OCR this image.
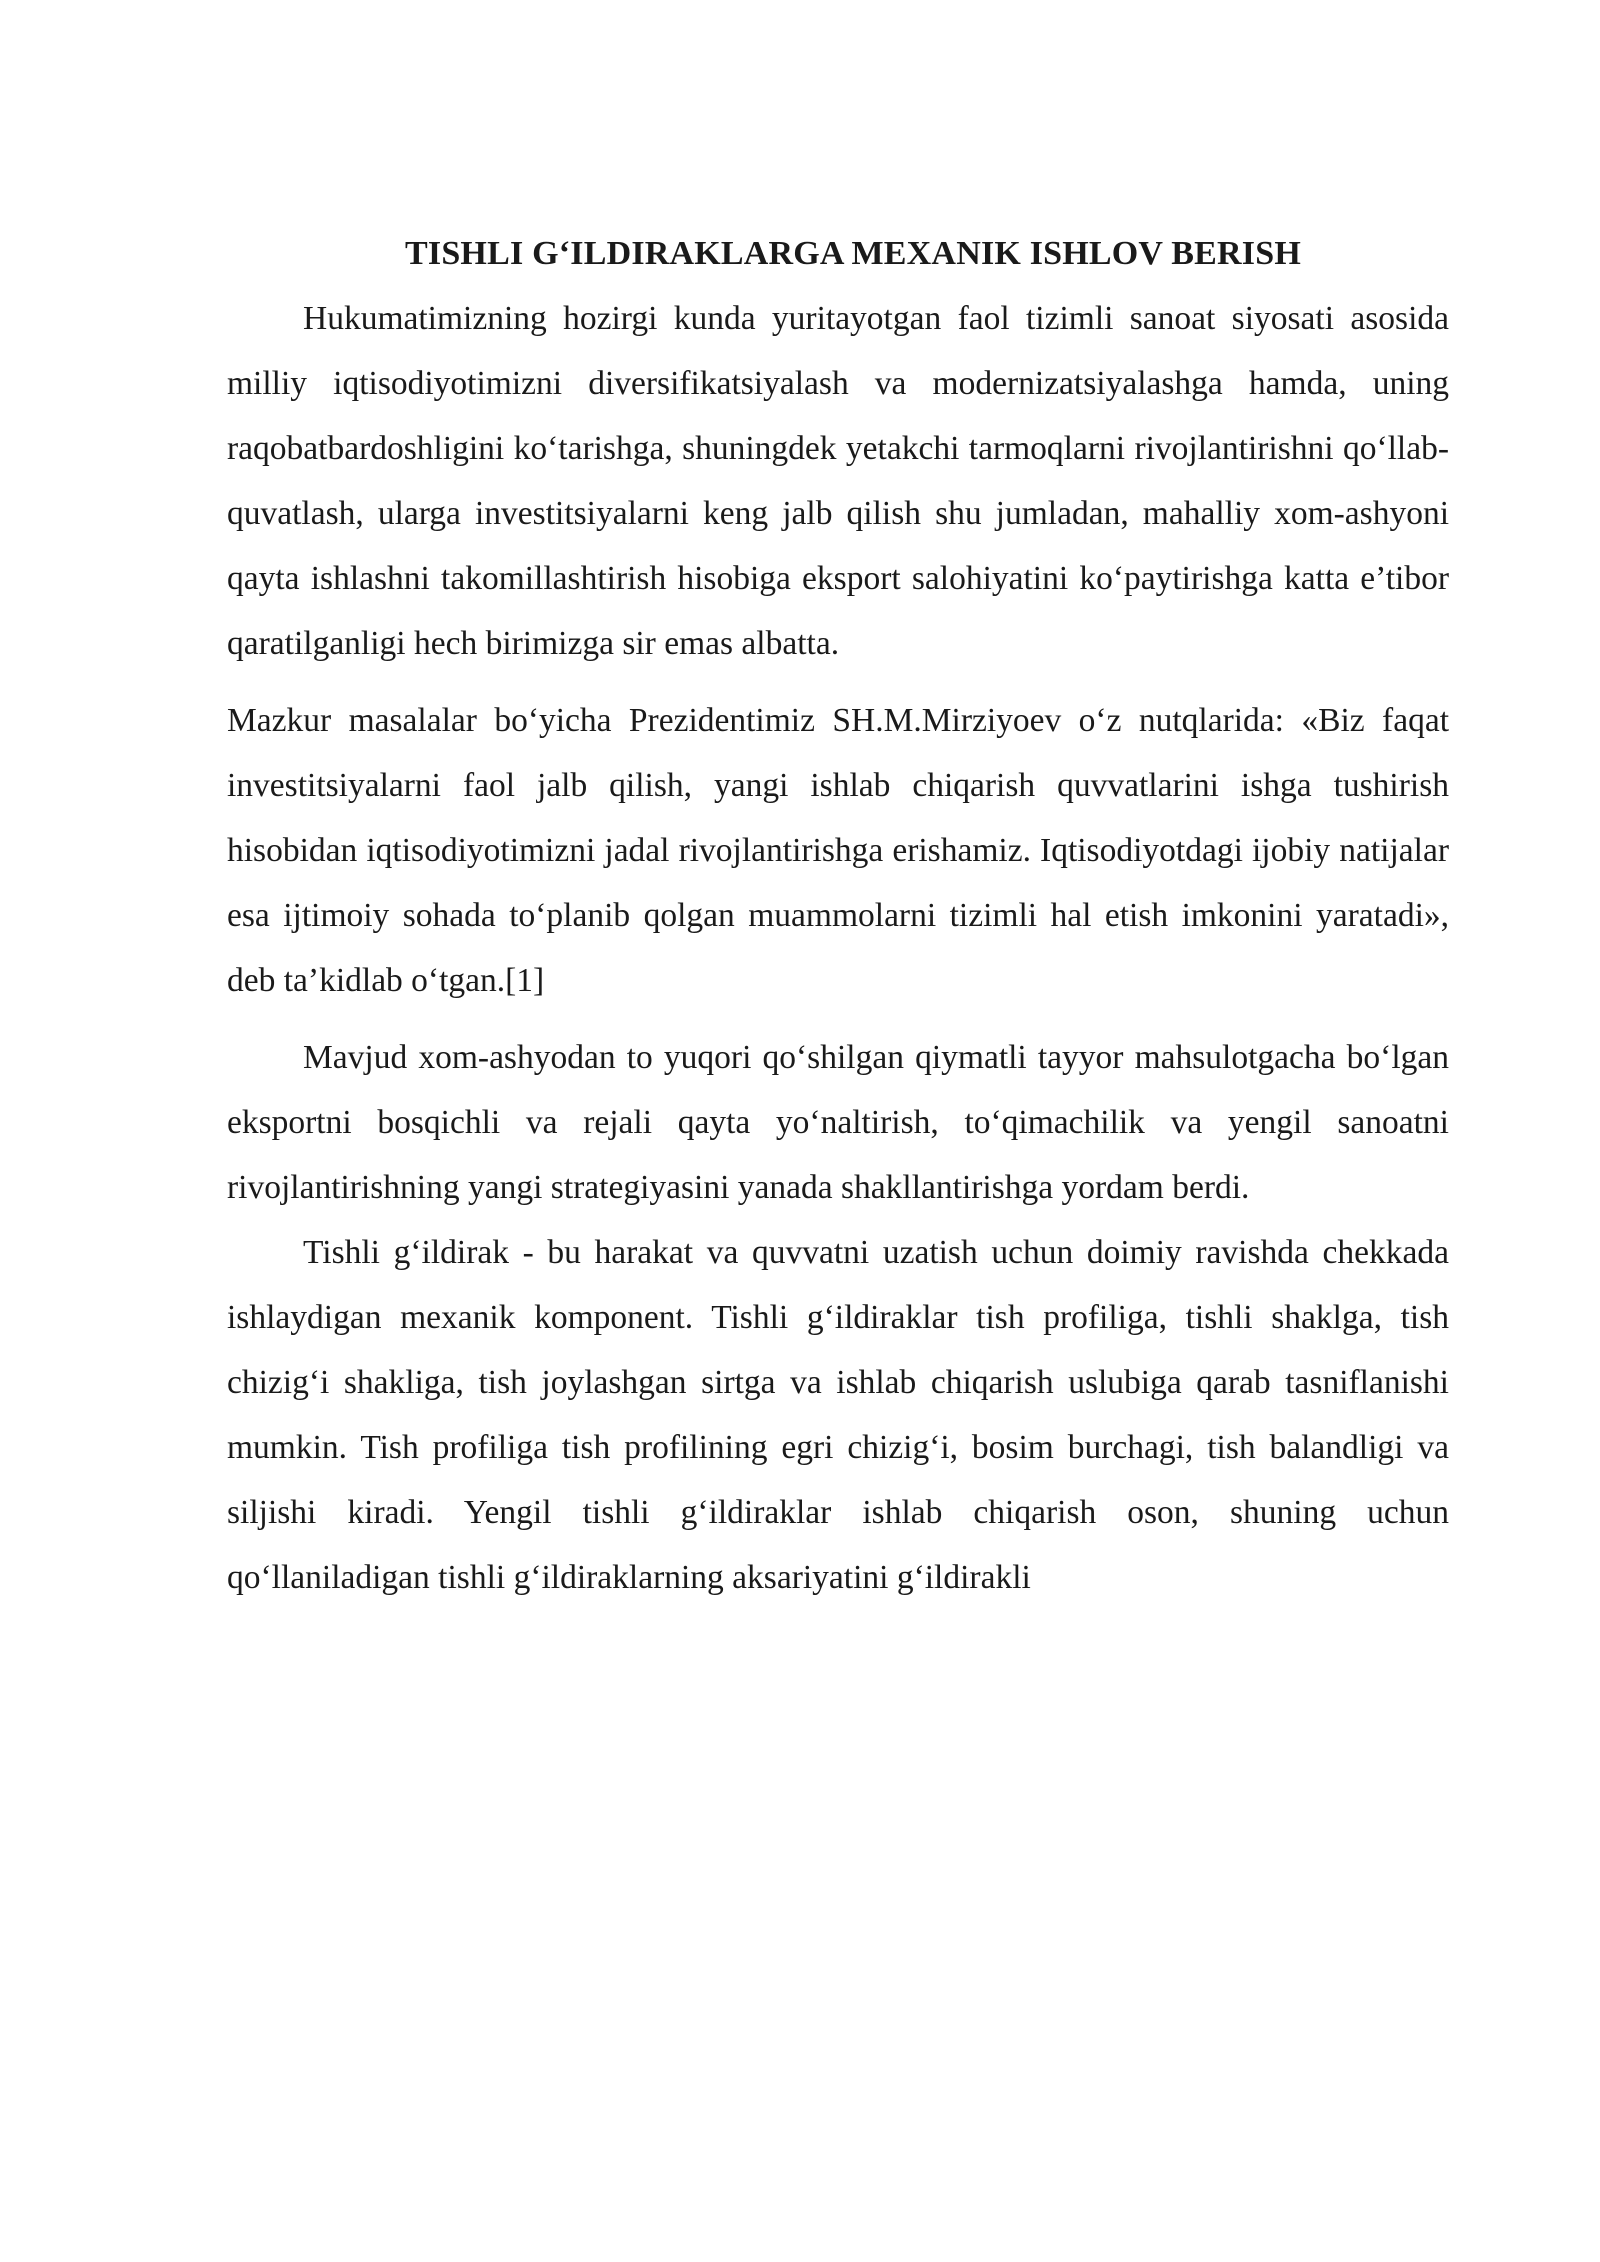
TISHLI G‘ILDIRAKLARGA MEXANIK ISHLOV BERISH

Hukumatimizning hozirgi kunda yuritayotgan faol tizimli sanoat siyosati asosida milliy iqtisodiyotimizni diversifikatsiyalash va modernizatsiyalashga hamda, uning raqobatbardoshligini ko‘tarishga, shuningdek yetakchi tarmoqlarni rivojlantirishni qo‘llab-quvatlash, ularga investitsiyalarni keng jalb qilish shu jumladan, mahalliy xom-ashyoni qayta ishlashni takomillashtirish hisobiga eksport salohiyatini ko‘paytirishga katta e’tibor qaratilganligi hech birimizga sir emas albatta.

Mazkur masalalar bo‘yicha Prezidentimiz SH.M.Mirziyoev o‘z nutqlarida: «Biz faqat investitsiyalarni faol jalb qilish, yangi ishlab chiqarish quvvatlarini ishga tushirish hisobidan iqtisodiyotimizni jadal rivojlantirishga erishamiz. Iqtisodiyotdagi ijobiy natijalar esa ijtimoiy sohada to‘planib qolgan muammolarni tizimli hal etish imkonini yaratadi», deb ta’kidlab o‘tgan.[1]

Mavjud xom-ashyodan to yuqori qo‘shilgan qiymatli tayyor mahsulotgacha bo‘lgan eksportni bosqichli va rejali qayta yo‘naltirish, to‘qimachilik va yengil sanoatni rivojlantirishning yangi strategiyasini yanada shakllantirishga yordam berdi.

Tishli g‘ildirak - bu harakat va quvvatni uzatish uchun doimiy ravishda chekkada ishlaydigan mexanik komponent. Tishli g‘ildiraklar tish profiliga, tishli shaklga, tish chizig‘i shakliga, tish joylashgan sirtga va ishlab chiqarish uslubiga qarab tasniflanishi mumkin. Tish profiliga tish profilining egri chizig‘i, bosim burchagi, tish balandligi va siljishi kiradi. Yengil tishli g‘ildiraklar ishlab chiqarish oson, shuning uchun qo‘llaniladigan tishli g‘ildiraklarning aksariyatini g‘ildirakli
